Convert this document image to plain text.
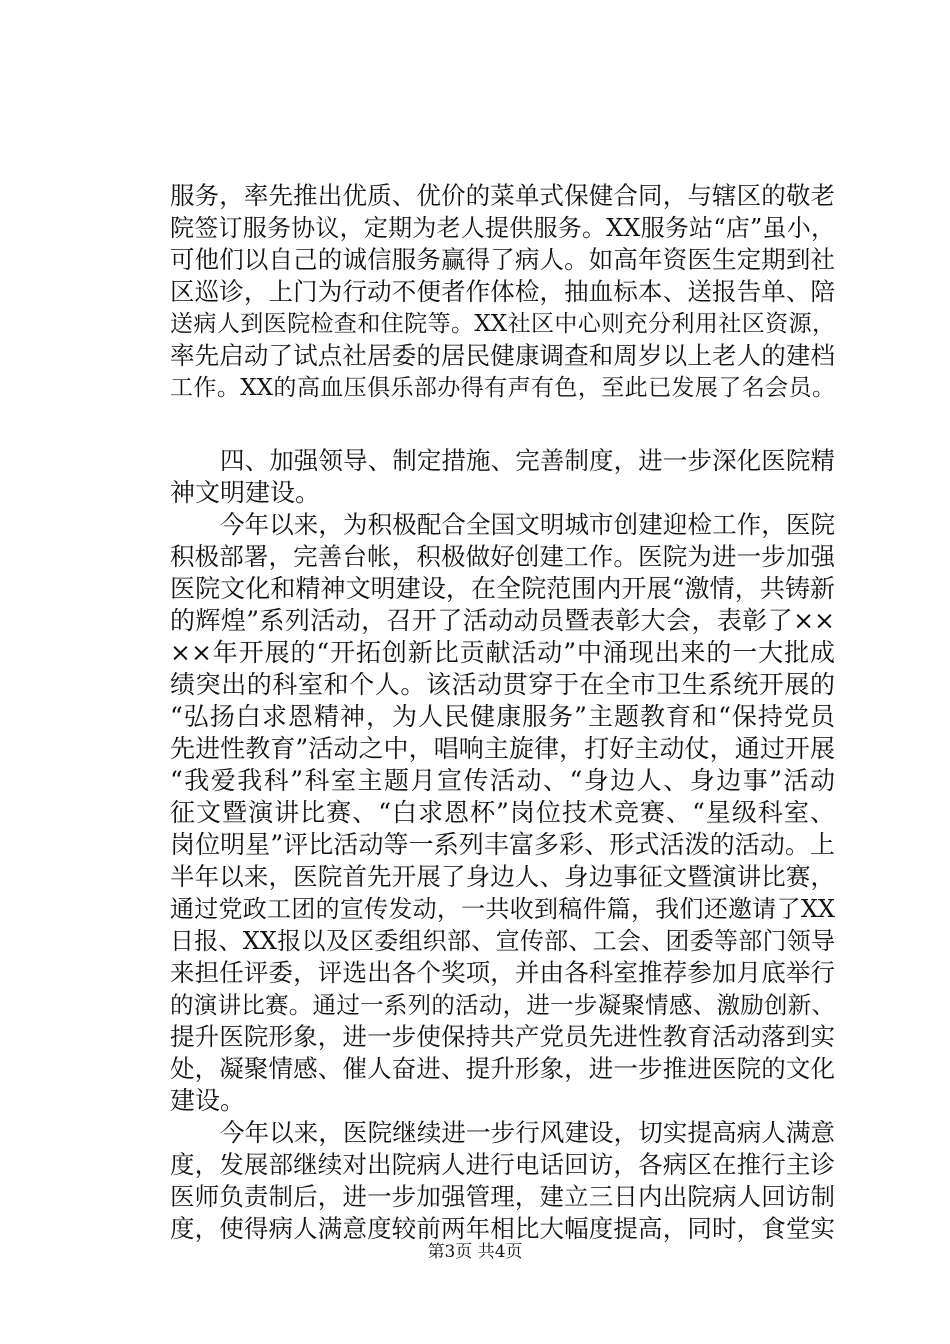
服务，率先推出优质、优价的菜单式保健合同，与辖区的敬老
院签订服务协议，定期为老人提供服务。XX服务站“店”虽小，
可他们以自己的诚信服务赢得了病人。如高年资医生定期到社
区巡诊，上门为行动不便者作体检，抽血标本、送报告单、陪
送病人到医院检查和住院等。XX社区中心则充分利用社区资源，
率先启动了试点社居委的居民健康调查和周岁以上老人的建档
工作。XX的高血压俱乐部办得有声有色，至此已发展了名会员。
四、加强领导、制定措施、完善制度，进一步深化医院精
神文明建设。
今年以来，为积极配合全国文明城市创建迎检工作，医院
积极部署，完善台帐，积极做好创建工作。医院为进一步加强
医院文化和精神文明建设，在全院范围内开展“激情，共铸新
的辉煌”系列活动，召开了活动动员暨表彰大会，表彰了××
××年开展的“开拓创新比贡献活动”中涌现出来的一大批成
绩突出的科室和个人。该活动贯穿于在全市卫生系统开展的
“弘扬白求恩精神，为人民健康服务”主题教育和“保持党员
先进性教育”活动之中，唱响主旋律，打好主动仗，通过开展
“我爱我科”科室主题月宣传活动、“身边人、身边事”活动
征文暨演讲比赛、“白求恩杯”岗位技术竞赛、“星级科室、
岗位明星”评比活动等一系列丰富多彩、形式活泼的活动。上
半年以来，医院首先开展了身边人、身边事征文暨演讲比赛，
通过党政工团的宣传发动，一共收到稿件篇，我们还邀请了XX
日报、XX报以及区委组织部、宣传部、工会、团委等部门领导
来担任评委，评选出各个奖项，并由各科室推荐参加月底举行
的演讲比赛。通过一系列的活动，进一步凝聚情感、激励创新、
提升医院形象，进一步使保持共产党员先进性教育活动落到实
处，凝聚情感、催人奋进、提升形象，进一步推进医院的文化
建设。
今年以来，医院继续进一步行风建设，切实提高病人满意
度，发展部继续对出院病人进行电话回访，各病区在推行主诊
医师负责制后，进一步加强管理，建立三日内出院病人回访制
度，使得病人满意度较前两年相比大幅度提高，同时，食堂实
第3页 共4页
